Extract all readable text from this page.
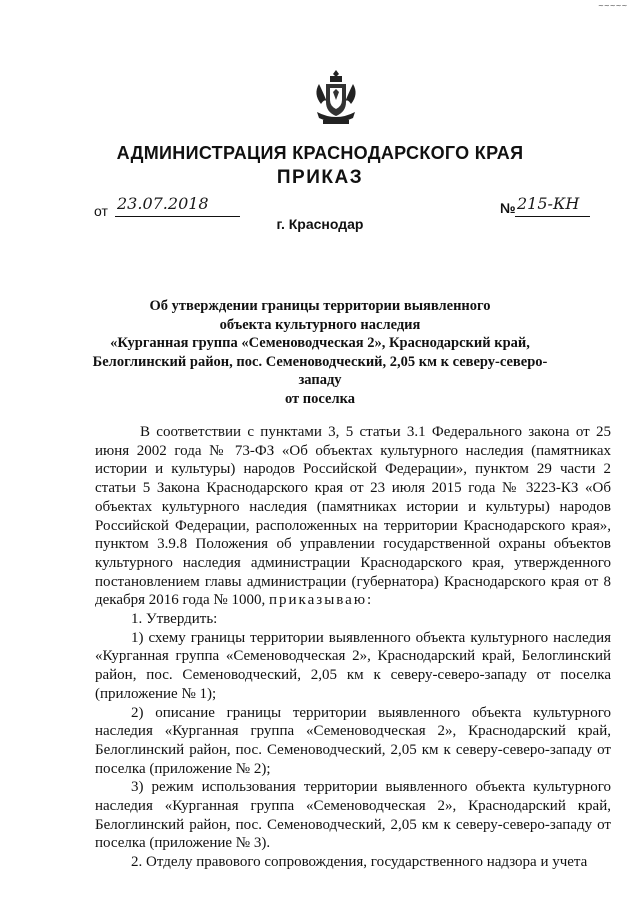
~~~~~
АДМИНИСТРАЦИЯ КРАСНОДАРСКОГО КРАЯ
ПРИКАЗ
от 23.07.2018	№ 215-КН
г. Краснодар
Об утверждении границы территории выявленного
объекта культурного наследия
«Курганная группа «Семеноводческая 2», Краснодарский край,
Белоглинский район, пос. Семеноводческий, 2,05 км к северу-северо-западу
от поселка

В соответствии с пунктами 3, 5 статьи 3.1 Федерального закона от 25 июня 2002 года № 73-ФЗ «Об объектах культурного наследия (памятниках истории и культуры) народов Российской Федерации», пунктом 29 части 2 статьи 5 Закона Краснодарского края от 23 июля 2015 года № 3223-КЗ «Об объектах культурного наследия (памятниках истории и культуры) народов Российской Федерации, расположенных на территории Краснодарского края», пунктом 3.9.8 Положения об управлении государственной охраны объектов культурного наследия администрации Краснодарского края, утвержденного постановлением главы администрации (губернатора) Краснодарского края от 8 декабря 2016 года № 1000, приказываю:

1. Утвердить:

1) схему границы территории выявленного объекта культурного наследия «Курганная группа «Семеноводческая 2», Краснодарский край, Белоглинский район, пос. Семеноводческий, 2,05 км к северу-северо-западу от поселка (приложение № 1);

2) описание границы территории выявленного объекта культурного наследия «Курганная группа «Семеноводческая 2», Краснодарский край, Белоглинский район, пос. Семеноводческий, 2,05 км к северу-северо-западу от поселка (приложение № 2);

3) режим использования территории выявленного объекта культурного наследия «Курганная группа «Семеноводческая 2», Краснодарский край, Белоглинский район, пос. Семеноводческий, 2,05 км к северу-северо-западу от поселка (приложение № 3).

2. Отделу правового сопровождения, государственного надзора и учета
